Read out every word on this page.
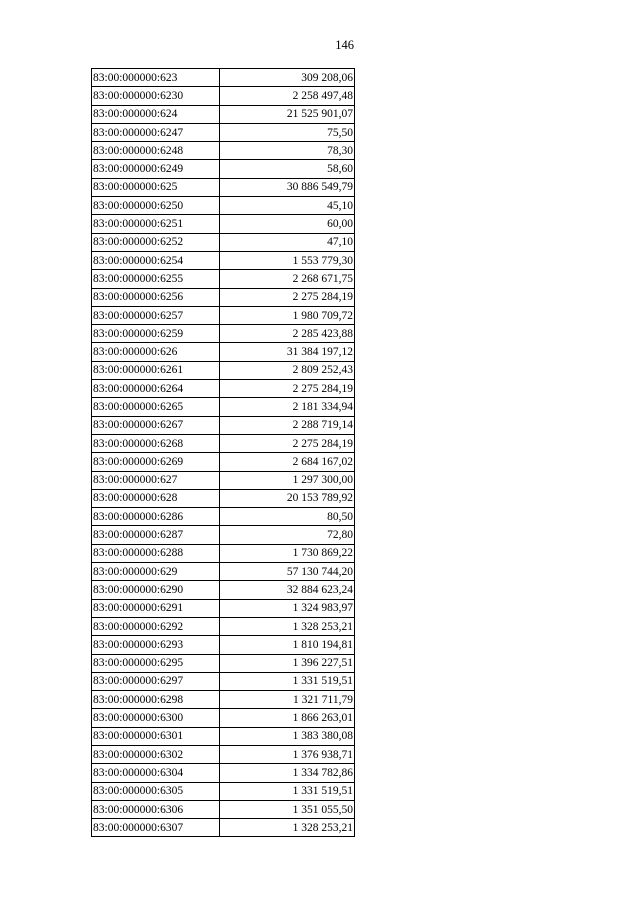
146
83:00:000000:623	309 208,06
83:00:000000:6230	2 258 497,48
83:00:000000:624	21 525 901,07
83:00:000000:6247	75,50
83:00:000000:6248	78,30
83:00:000000:6249	58,60
83:00:000000:625	30 886 549,79
83:00:000000:6250	45,10
83:00:000000:6251	60,00
83:00:000000:6252	47,10
83:00:000000:6254	1 553 779,30
83:00:000000:6255	2 268 671,75
83:00:000000:6256	2 275 284,19
83:00:000000:6257	1 980 709,72
83:00:000000:6259	2 285 423,88
83:00:000000:626	31 384 197,12
83:00:000000:6261	2 809 252,43
83:00:000000:6264	2 275 284,19
83:00:000000:6265	2 181 334,94
83:00:000000:6267	2 288 719,14
83:00:000000:6268	2 275 284,19
83:00:000000:6269	2 684 167,02
83:00:000000:627	1 297 300,00
83:00:000000:628	20 153 789,92
83:00:000000:6286	80,50
83:00:000000:6287	72,80
83:00:000000:6288	1 730 869,22
83:00:000000:629	57 130 744,20
83:00:000000:6290	32 884 623,24
83:00:000000:6291	1 324 983,97
83:00:000000:6292	1 328 253,21
83:00:000000:6293	1 810 194,81
83:00:000000:6295	1 396 227,51
83:00:000000:6297	1 331 519,51
83:00:000000:6298	1 321 711,79
83:00:000000:6300	1 866 263,01
83:00:000000:6301	1 383 380,08
83:00:000000:6302	1 376 938,71
83:00:000000:6304	1 334 782,86
83:00:000000:6305	1 331 519,51
83:00:000000:6306	1 351 055,50
83:00:000000:6307	1 328 253,21
